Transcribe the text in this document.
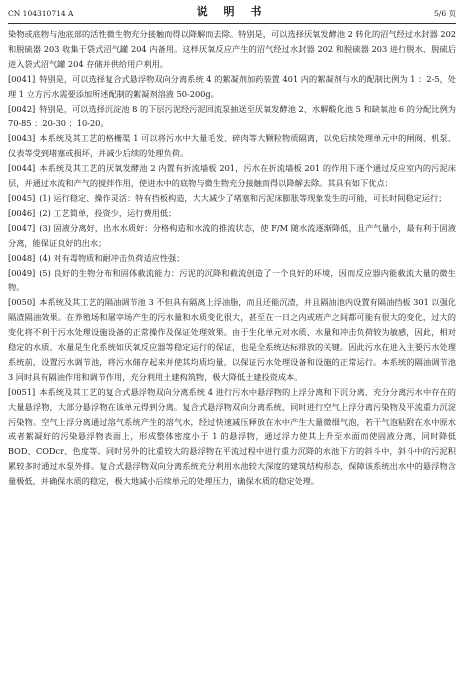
CN 104310714 A	说 明 书	5/6 页

染物或底物与池底部的活性微生物充分接触而得以降解而去除。特别是，可以选择厌氧发酵池 2 转化的沼气经过水封器 202 和脱硫器 203 收集于袋式沼气罐 204 内备用。这样厌氧反应产生的沼气经过水封器 202 和脱硫器 203 进行脱水、脱硫后进入袋式沼气罐 204 存储并供给用户利用。

[0041] 特别是，可以选择复合式悬浮物双向分离系统 4 的絮凝剂加药装置 401 内的絮凝剂与水的配制比例为 1 ：2-5，处理 1 立方污水需要添加所述配制的絮凝剂溶液 50-200g。

[0042] 特别是，可以选择沉淀池 8 的下层污泥经污泥回流泵抽送至厌氧发酵池 2、水解酸化池 5 和缺氧池 6 的分配比例为 70-85 ：20-30 ：10-20。

[0043] 本系统及其工艺的格栅渠 1 可以将污水中大量毛发、碎肉等大颗粒物质隔离，以免后续处理单元中的闸阀、机泵、仪表等受到堵塞或损坏，并减少后续的处理负荷。

[0044] 本系统及其工艺的厌氧发酵池 2 内置有折流墙板 201，污水在折流墙板 201 的作用下逐个通过反应室内的污泥床层，并通过水流和产气的搅拌作用，使进水中的底物与微生物充分接触而得以降解去除。其具有如下优点：

[0045] (1) 运行稳定、操作灵活：特有挡板构造，大大减少了堵塞和污泥床膨胀等现象发生的可能，可长时间稳定运行；

[0046] (2) 工艺简单，投资少，运行费用低；

[0047] (3) 固液分离好，出水水质好：分格构造和水流的推流状态，使 F/M 随水流逐渐降低，且产气量小，最有利于固液分离，能保证良好的出水；

[0048] (4) 对有毒物质和耐冲击负荷适应性强；

[0049] (5) 良好的生物分布和固体截流能力：污泥的沉降和截流创造了一个良好的环境，因而反应器内能截流大量的微生物。

[0050] 本系统及其工艺的隔油调节池 3 不但具有隔离上浮油脂，而且还能沉渣，并且隔油池内设置有隔油挡板 301 以强化隔渣隔油效果。在养殖场和屠宰场产生的污水量和水质变化很大，甚至在一日之内或班产之间都可能有很大的变化，过大的变化将不利于污水处理设施设备的正常操作及保证处理效果。由于生化单元对水质、水量和冲击负荷较为敏感，因此，相对稳定的水质、水量是生化系统如厌氧反应器等稳定运行的保证，也是全系统达标排放的关键。因此污水在进入主要污水处理系统前，设置污水调节池，将污水储存起来并使其均质均量，以保证污水处理设备和设施的正常运行。本系统的隔油调节池 3 同时具有隔油作用和调节作用，充分利用土建构筑物，极大降低土建投资成本。

[0051] 本系统及其工艺的复合式悬浮物双向分离系统 4 进行污水中悬浮物的上浮分离和下沉分离，充分分离污水中存在的大量悬浮物，大部分悬浮物在该单元得到分离。复合式悬浮物双向分离系统，同时进行空气上浮分离污染物及平流重力沉淀污染物。空气上浮分离通过溶气系统产生的溶气水，经过快速减压释放在水中产生大量微细气泡，若干气泡粘附在水中原水或者絮凝好的污染悬浮物表面上，形成整体密度小于 1 的悬浮物，通过浮力使其上升至水面而使固液分离，同时降低 BOD、CODcr、色度等。同时另外的比重较大的悬浮物在平流过程中进行重力沉降的水池下方的斜斗中，斜斗中的污泥积累较多时通过水泵外排。复合式悬浮物双向分离系统充分利用水池较大深度的建筑结构形态，保障该系统出水中的悬浮物含量极低，并确保水质的稳定，极大地减小后续单元的处理压力，确保水质的稳定处理。
